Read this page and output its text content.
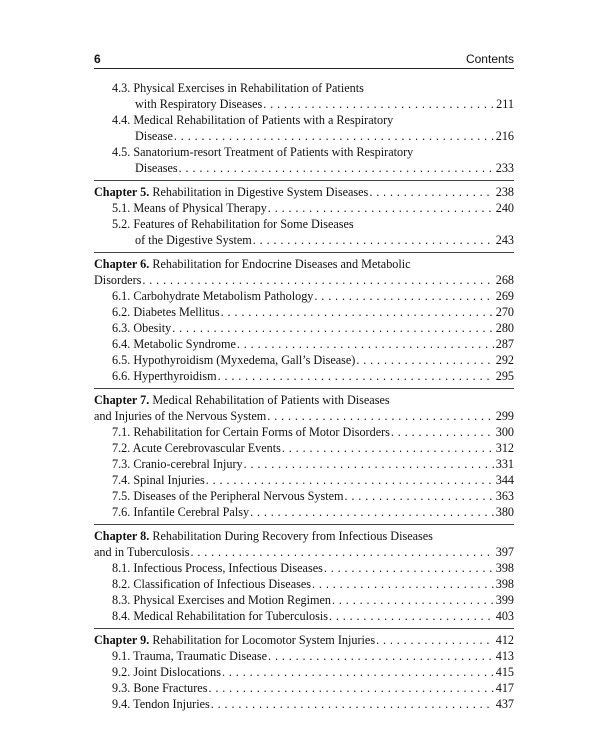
6	Contents
4.3. Physical Exercises in Rehabilitation of Patients
with Respiratory Diseases . . .	211
4.4. Medical Rehabilitation of Patients with a Respiratory
Disease . . .	216
4.5. Sanatorium-resort Treatment of Patients with Respiratory
Diseases . . .	233
Chapter 5. Rehabilitation in Digestive System Diseases . . .	238
5.1. Means of Physical Therapy . . .	240
5.2. Features of Rehabilitation for Some Diseases
of the Digestive System . . .	243
Chapter 6. Rehabilitation for Endocrine Diseases and Metabolic
Disorders . . .	268
6.1. Carbohydrate Metabolism Pathology . . .	269
6.2. Diabetes Mellitus . . .	270
6.3. Obesity . . .	280
6.4. Metabolic Syndrome . . .	287
6.5. Hypothyroidism (Myxedema, Gall’s Disease) . . .	292
6.6. Hyperthyroidism . . .	295
Chapter 7. Medical Rehabilitation of Patients with Diseases
and Injuries of the Nervous System . . .	299
7.1. Rehabilitation for Certain Forms of Motor Disorders . . .	300
7.2. Acute Cerebrovascular Events . . .	312
7.3. Cranio-cerebral Injury . . .	331
7.4. Spinal Injuries . . .	344
7.5. Diseases of the Peripheral Nervous System . . .	363
7.6. Infantile Cerebral Palsy . . .	380
Chapter 8. Rehabilitation During Recovery from Infectious Diseases
and in Tuberculosis . . .	397
8.1. Infectious Process, Infectious Diseases . . .	398
8.2. Classification of Infectious Diseases . . .	398
8.3. Physical Exercises and Motion Regimen . . .	399
8.4. Medical Rehabilitation for Tuberculosis . . .	403
Chapter 9. Rehabilitation for Locomotor System Injuries . . .	412
9.1. Trauma, Traumatic Disease . . .	413
9.2. Joint Dislocations . . .	415
9.3. Bone Fractures . . .	417
9.4. Tendon Injuries . . .	437
